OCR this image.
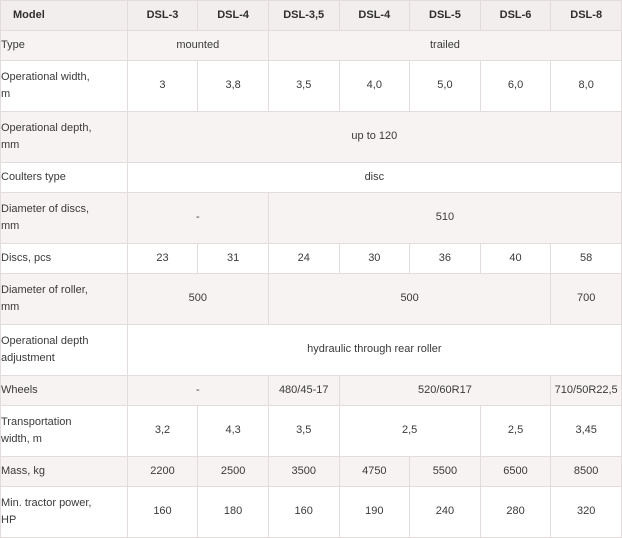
Model	DSL-3	DSL-4	DSL-3,5	DSL-4	DSL-5	DSL-6	DSL-8

Type	mounted		trailed				

Operational width,
m	3	3,8	3,5	4,0	5,0	6,0	8,0

Operational depth,
mm	up to 120						

Coulters type	disc						

Diameter of discs,
mm	-		510				

Discs, pcs	23	31	24	30	36	40	58

Diameter of roller,
mm	500		500				700

Operational depth
adjustment	hydraulic through rear roller						

Wheels	-		480/45-17	520/60R17			710/50R22,5

Transportation
width, m	3,2	4,3	3,5	2,5		2,5	3,45

Mass, kg	2200	2500	3500	4750	5500	6500	8500

Min. tractor power,
HP	160	180	160	190	240	280	320
